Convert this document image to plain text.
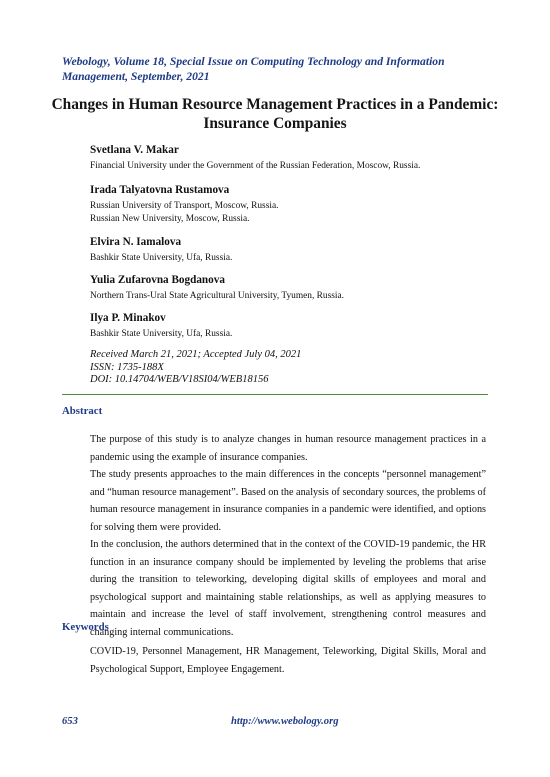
Webology, Volume 18, Special Issue on Computing Technology and Information
Management, September, 2021
Changes in Human Resource Management Practices in a Pandemic:
Insurance Companies
Svetlana V. Makar
Financial University under the Government of the Russian Federation, Moscow, Russia.
Irada Talyatovna Rustamova
Russian University of Transport, Moscow, Russia.
Russian New University, Moscow, Russia.
Elvira N. Iamalova
Bashkir State University, Ufa, Russia.
Yulia Zufarovna Bogdanova
Northern Trans-Ural State Agricultural University, Tyumen, Russia.
Ilya P. Minakov
Bashkir State University, Ufa, Russia.
Received March 21, 2021; Accepted July 04, 2021
ISSN: 1735-188X
DOI: 10.14704/WEB/V18SI04/WEB18156
Abstract

The purpose of this study is to analyze changes in human resource management practices in a pandemic using the example of insurance companies.

The study presents approaches to the main differences in the concepts “personnel management” and “human resource management”. Based on the analysis of secondary sources, the problems of human resource management in insurance companies in a pandemic were identified, and options for solving them were provided.

In the conclusion, the authors determined that in the context of the COVID-19 pandemic, the HR function in an insurance company should be implemented by leveling the problems that arise during the transition to teleworking, developing digital skills of employees and moral and psychological support and maintaining stable relationships, as well as applying measures to maintain and increase the level of staff involvement, strengthening control measures and changing internal communications.

Keywords
COVID-19, Personnel Management, HR Management, Teleworking, Digital Skills, Moral and Psychological Support, Employee Engagement.
653	http://www.webology.org
